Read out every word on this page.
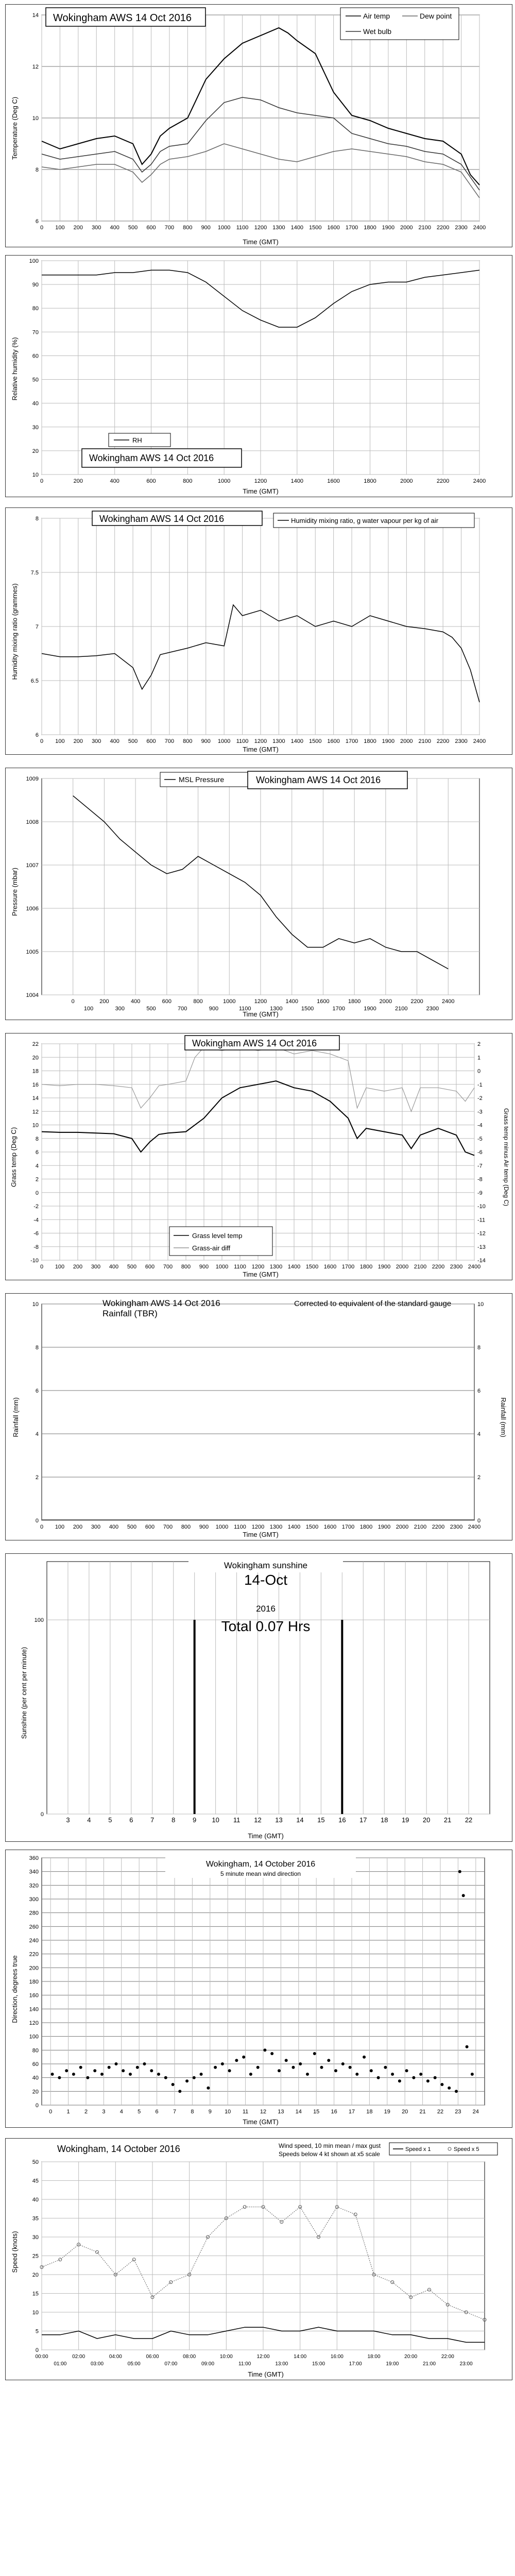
6
8
10
12
14
0 100 200 300 400 500 600 700 800 900 1000 1100 1200 1300 1400 1500 1600 1700 1800 1900 2000 2100 2200 2300 2400
Wokingham AWS 14 Oct 2016	Air temp
Wet bulb
Dew point
Time (GMT)
Temperature (Deg C)
10
20
30
40
50
60
70
80
90
100
0	200	400	600	800	1000	1200	1400	1600	1800	2000	2200	2400
RH
Wokingham AWS 14 Oct 2016
Time (GMT)
Relative humidity (%)
6
6.5
7
7.5
8
0 100 200 300 400 500 600 700 800 900 1000 1100 1200 1300 1400 1500 1600 1700 1800 1900 2000 2100 2200 2300 2400
Wokingham AWS 14 Oct 2016	Humidity mixing ratio, g water vapour per kg of air
Time (GMT)
Humidity mixing ratio (grammes)
1004
1005
1006
1007
1008
1009
0	200	400	600	800	1000	1200	1400	1600	1800	2000	2200	2400
100	300	500	700	900	1100	1300	1500	1700	1900	2100	2300
MSL Pressure	Wokingham AWS 14 Oct 2016
Time (GMT)
Pressure (mbar)
-10
-8
-6
-4
-2
0
2
4
6
8
10
12
14
16
18
20
22
0 100 200 300 400 500 600 700 800 900 1000 1100 1200 1300 1400 1500 1600 1700 1800 1900 2000 2100 2200 2300 2400
-14
-13
-12
-11
-10
-9
-8
-7
-6
-5
-4
-3
-2
-1
0
1
2
Wokingham AWS 14 Oct 2016
Grass level temp
Grass-air diff
Time (GMT)
Grass temp (Deg C)	Grass temp minus Air temp (Deg C)
0
2
4
6
8
10
0 100 200 300 400 500 600 700 800 900 1000 1100 1200 1300 1400 1500 1600 1700 1800 1900 2000 2100 2200 2300 2400
0
2
4
6
8
10
Wokingham AWS 14 Oct 2016
Rainfall (TBR)
Corrected to equivalent of the standard gauge
Time (GMT)
Rainfall (mm)	Rainfall (mm)
0
100
3	4	5	6	7	8	9 10 11 12 13 14 15 16 17 18 19 20 21 22
Wokingham sunshine
14-Oct
2016
Total 0.07 Hrs
Time (GMT)
Sunshine (per cent per minute)
0
20
40
60
80
100
120
140
160
180
200
220
240
260
280
300
320
340
360
0	1	2	3	4	5	6	7	8	9 10 11 12 13 14 15 16 17 18 19 20 21 22 23 24
Wokingham, 14 October 2016
5 minute mean wind direction
Time (GMT)
Direction, degrees true
0
5
10
15
20
25
30
35
40
45
50
00:00	02:00	04:00	06:00	08:00	10:00	12:00	14:00	16:00	18:00	20:00	22:00
01:00	03:00	05:00	07:00	09:00	11:00	13:00	15:00	17:00	19:00	21:00	23:00
Wokingham, 14 October 2016	Wind speed, 10 min mean / max gust
Speeds below 4 kt shown at x5 scale
Speed x 1	Speed x 5
Time (GMT)
Speed (knots)
